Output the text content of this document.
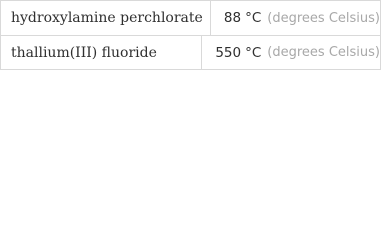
hydroxylamine perchlorate	88 °C (degrees Celsius)
thallium(III) fluoride	550 °C (degrees Celsius)
